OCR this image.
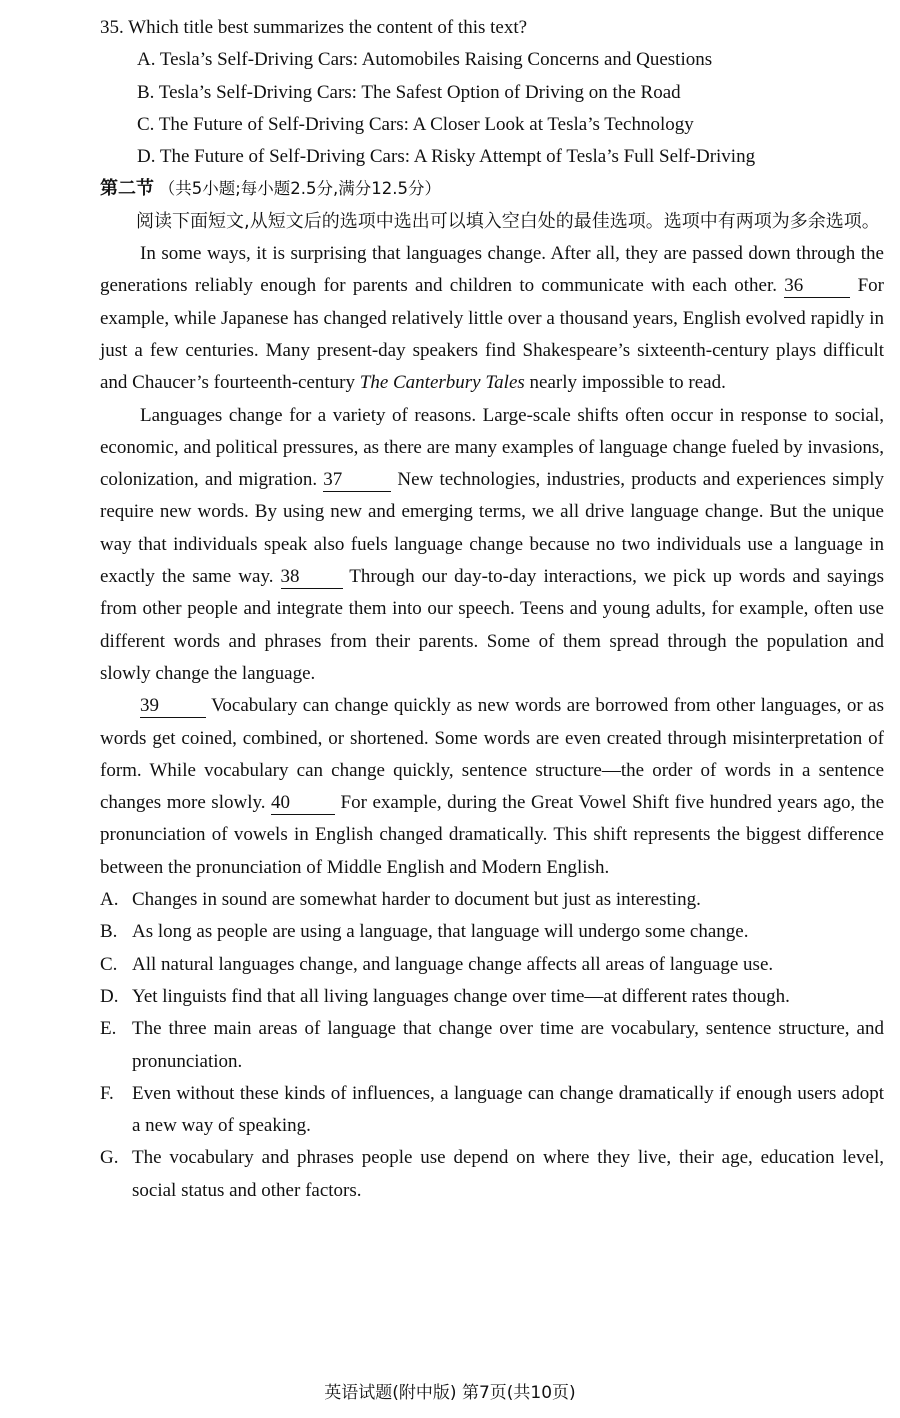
35. Which title best summarizes the content of this text?
A. Tesla’s Self-Driving Cars: Automobiles Raising Concerns and Questions
B. Tesla’s Self-Driving Cars: The Safest Option of Driving on the Road
C. The Future of Self-Driving Cars: A Closer Look at Tesla’s Technology
D. The Future of Self-Driving Cars: A Risky Attempt of Tesla’s Full Self-Driving
第二节 （共5小题;每小题2.5分,满分12.5分）
阅读下面短文,从短文后的选项中选出可以填入空白处的最佳选项。选项中有两项为多余选项。
In some ways, it is surprising that languages change. After all, they are passed down through the generations reliably enough for parents and children to communicate with each other. 36 For example, while Japanese has changed relatively little over a thousand years, English evolved rapidly in just a few centuries. Many present-day speakers find Shakespeare’s sixteenth-century plays difficult and Chaucer’s fourteenth-century The Canterbury Tales nearly impossible to read.
Languages change for a variety of reasons. Large-scale shifts often occur in response to social, economic, and political pressures, as there are many examples of language change fueled by invasions, colonization, and migration. 37	New technologies, industries, products and experiences simply require new words. By using new and emerging terms, we all drive language change. But the unique way that individuals speak also fuels language change because no two individuals use a language in exactly the same way. 38 Through our day-to-day interactions, we pick up words and sayings from other people and integrate them into our speech. Teens and young adults, for example, often use different words and phrases from their parents. Some of them spread through the population and slowly change the language.
39 Vocabulary can change quickly as new words are borrowed from other languages, or as words get coined, combined, or shortened. Some words are even created through misinterpretation of form. While vocabulary can change quickly, sentence structure—the order of words in a sentence changes more slowly. 40 For example, during the Great Vowel Shift five hundred years ago, the pronunciation of vowels in English changed dramatically. This shift represents the biggest difference between the pronunciation of Middle English and Modern English.
A. Changes in sound are somewhat harder to document but just as interesting.
B. As long as people are using a language, that language will undergo some change.
C. All natural languages change, and language change affects all areas of language use.
D. Yet linguists find that all living languages change over time—at different rates though.
E. The three main areas of language that change over time are vocabulary, sentence structure, and pronunciation.
F. Even without these kinds of influences, a language can change dramatically if enough users adopt a new way of speaking.
G. The vocabulary and phrases people use depend on where they live, their age, education level, social status and other factors.
英语试题(附中版) 第7页(共10页)
